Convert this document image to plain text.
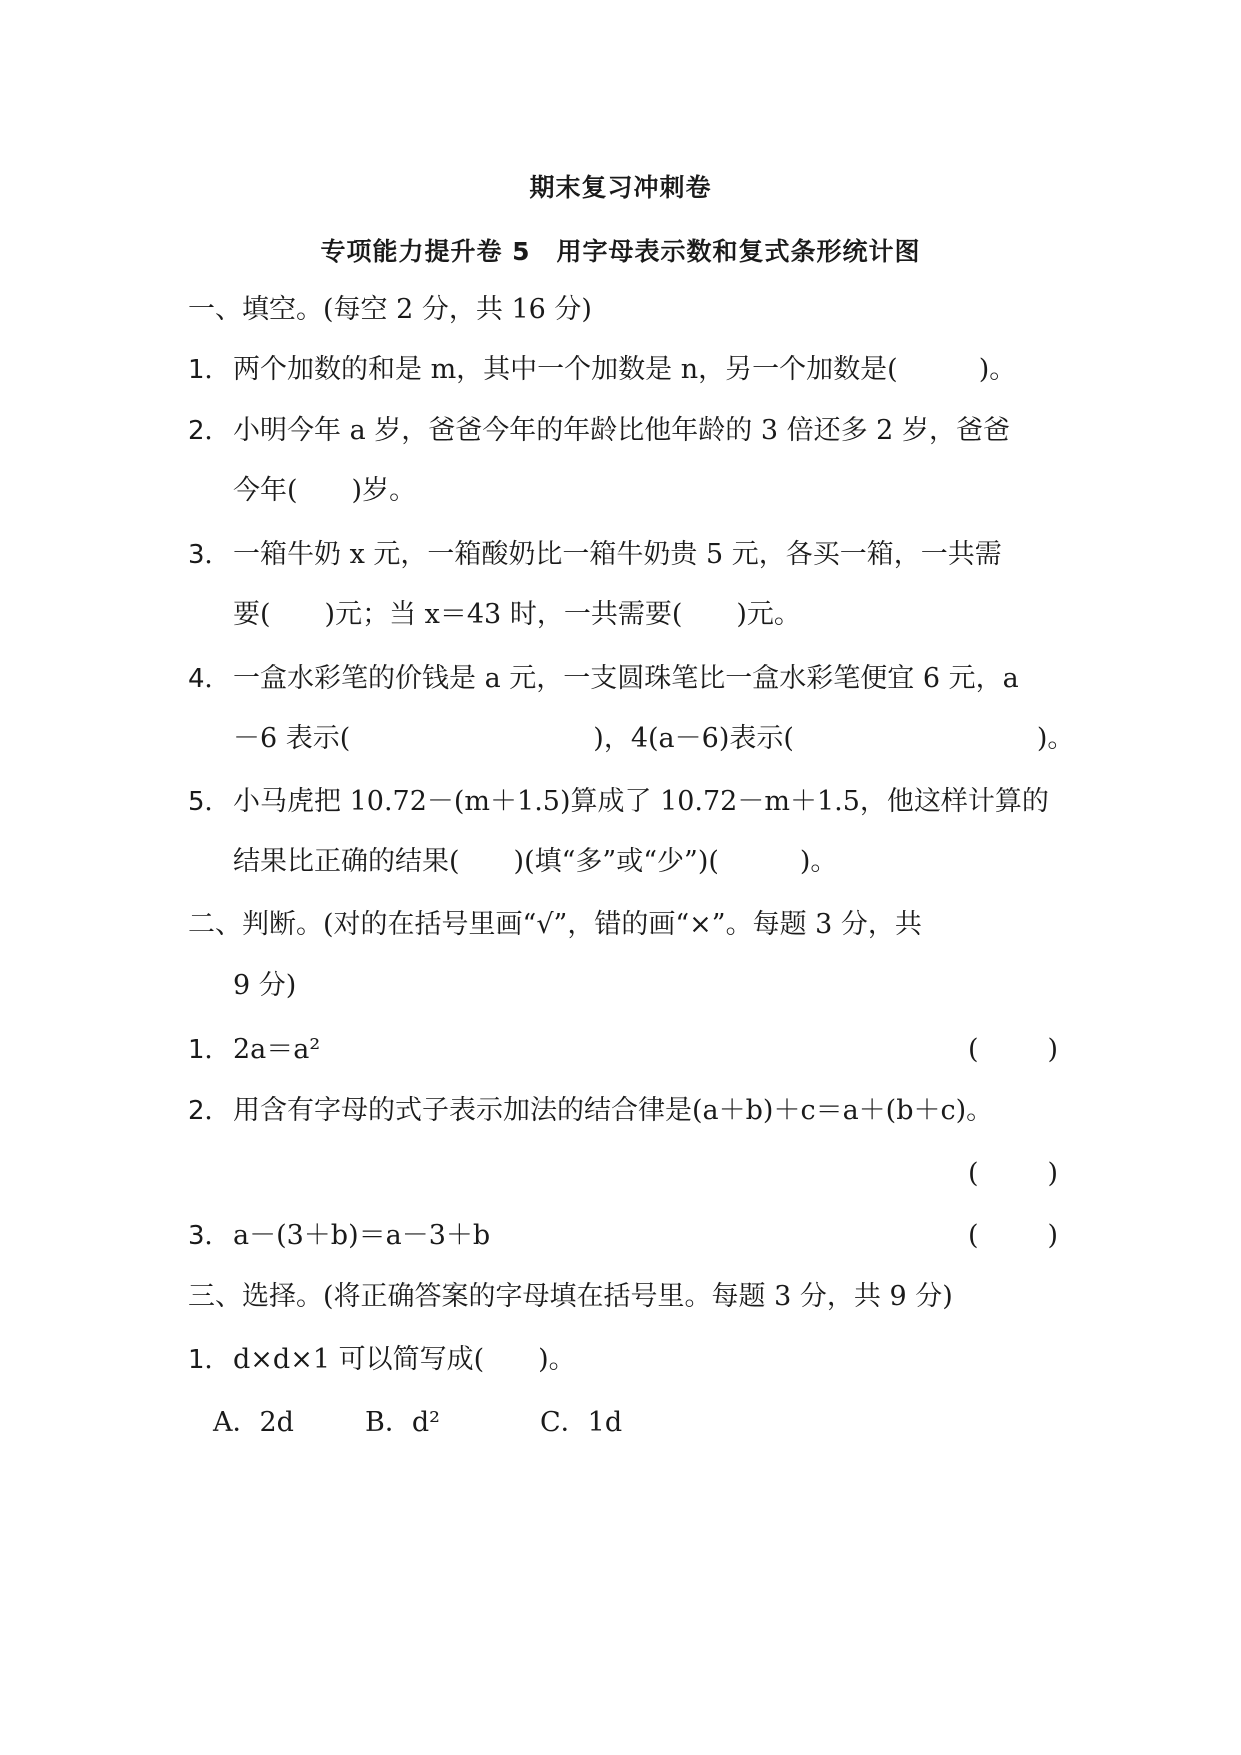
期末复习冲刺卷
专项能力提升卷 5　用字母表示数和复式条形统计图
一、填空。(每空 2 分，共 16 分)
1．两个加数的和是 m，其中一个加数是 n，另一个加数是(　　　)。
2．小明今年 a 岁，爸爸今年的年龄比他年龄的 3 倍还多 2 岁，爸爸
今年(　　)岁。
3．一箱牛奶 x 元，一箱酸奶比一箱牛奶贵 5 元，各买一箱，一共需
要(　　)元；当 x＝43 时，一共需要(　　)元。
4．一盒水彩笔的价钱是 a 元，一支圆珠笔比一盒水彩笔便宜 6 元，a
－6 表示(　　　　　　　　　)，4(a－6)表示(　　　　　　　　　)。
5．小马虎把 10.72－(m＋1.5)算成了 10.72－m＋1.5，他这样计算的
结果比正确的结果(　　)(填“多”或“少”)(　　　)。
二、判断。(对的在括号里画“√”，错的画“×”。每题 3 分，共
9 分)
1．2a＝a²	(	)
2．用含有字母的式子表示加法的结合律是(a＋b)＋c＝a＋(b＋c)。
(	)
3．a－(3＋b)＝a－3＋b	(	)
三、选择。(将正确答案的字母填在括号里。每题 3 分，共 9 分)
1．d×d×1 可以简写成(　　)。
A．2d	B．d²	C．1d
